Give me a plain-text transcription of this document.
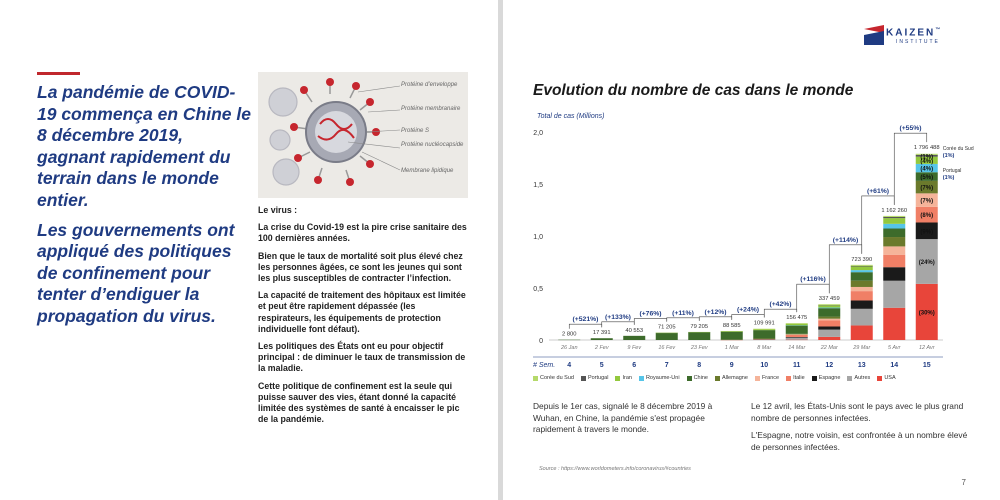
La pandémie de COVID-19 commença en Chine le 8 décembre 2019, gagnant rapidement du terrain dans le monde entier.

Les gouvernements ont appliqué des politiques de confinement pour tenter d’endiguer la propagation du virus.

Protéine d’enveloppe
Protéine membranaire
Protéine S
Protéine nucléocapside
Membrane lipidique

Le virus :

La crise du Covid-19 est la pire crise sanitaire des 100 dernières années.

Bien que le taux de mortalité soit plus élevé chez les personnes âgées, ce sont les jeunes qui sont les plus susceptibles de contracter l’infection.

La capacité de traitement des hôpitaux est limitée et peut être rapidement dépassée (les respirateurs, les équipements de protection individuelle font défaut).

Les politiques des États ont eu pour objectif principal : de diminuer le taux de transmission de la maladie.

Cette politique de confinement est la seule qui puisse sauver des vies, étant donné la capacité limitée des systèmes de santé à encaisser le pic de la pandémie.

KAIZEN™
INSTITUTE
Evolution du nombre de cas dans le monde
Total de cas (Millions)
0
0,5
1,0
1,5
2,0
2 800
26 Jan
4
17 391
2 Fev
5
40 553
9 Fev
6
71 205
16 Fev
7
79 205
23 Fev
8
88 585
1 Mar
9
109 991
8 Mar
10
156 475
14 Mar
11
337 459
22 Mar
12
723 390
29 Mar
13
1 162 260
5 Avr
14
1 796 488
12 Avr
15
# Sem.
(+521%) (+133%) (+76%) (+11%) (+12%) (+24%)
(+42%)
(+116%)
(+114%)
(+61%)
(+55%)
(30%)
(24%)
(9%)
(8%)
(7%)
(7%)
(5%)
(4%)
(4%)
(1%)
Corée du Sud
(1%)
Portugal
(1%)
Corée du Sud	Portugal	Iran	Royaume-Uni	Chine	Allemagne	France	Italie	Espagne	Autres	USA

Depuis le 1er cas, signalé le 8 décembre 2019 à Wuhan, en Chine, la pandémie s'est propagée rapidement à travers le monde.

Le 12 avril, les États-Unis sont le pays avec le plus grand nombre de personnes infectées.

L'Espagne, notre voisin, est confrontée à un nombre élevé de personnes infectées.

Source : https://www.worldometers.info/coronavirus/#countries
7
